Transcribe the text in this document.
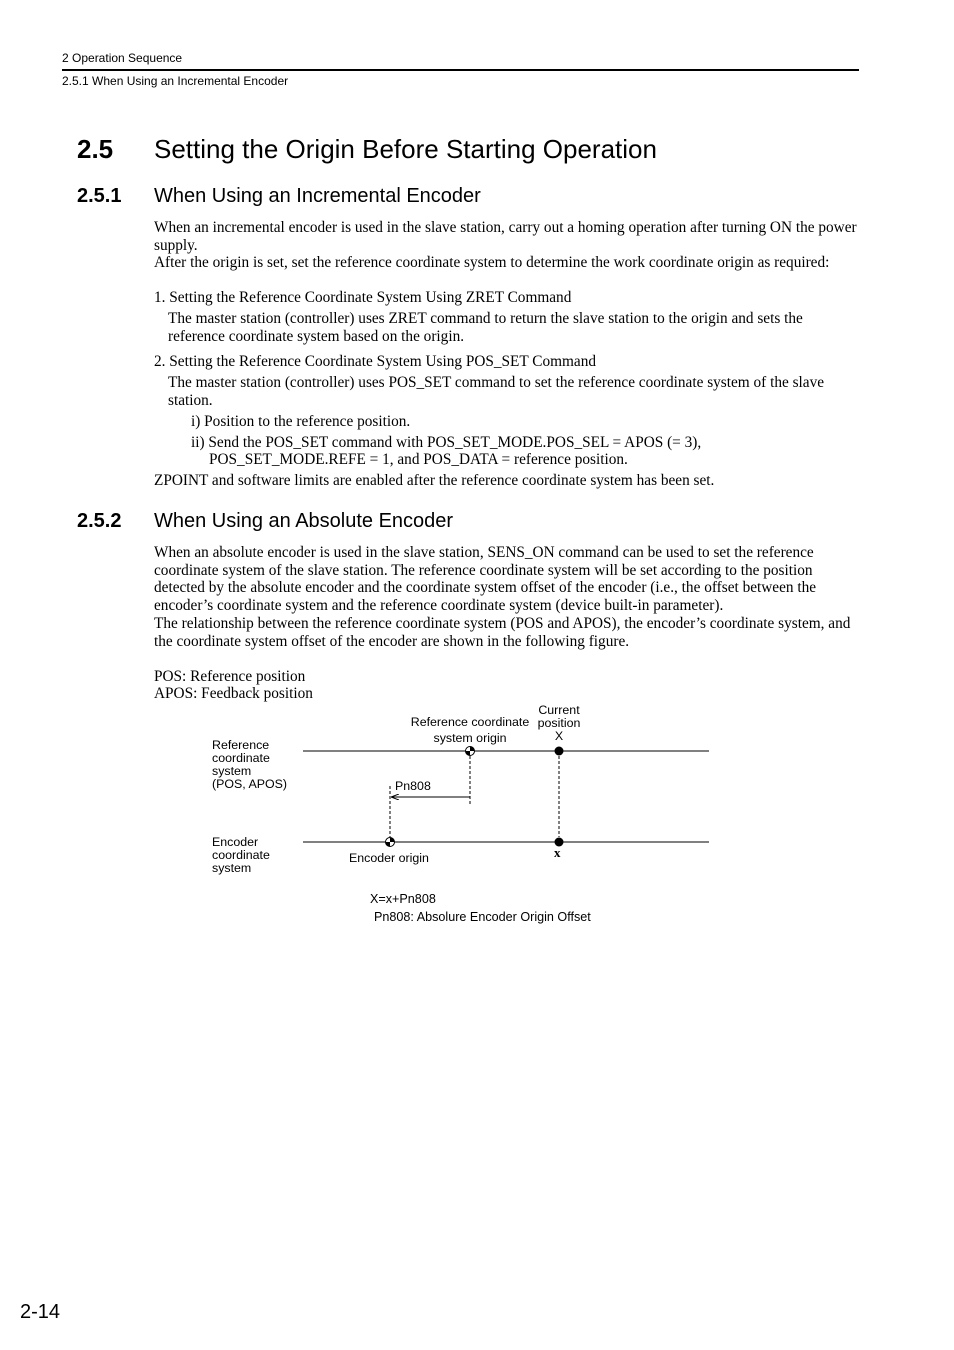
2 Operation Sequence
2.5.1 When Using an Incremental Encoder
2.5 Setting the Origin Before Starting Operation
2.5.1 When Using an Incremental Encoder

When an incremental encoder is used in the slave station, carry out a homing operation after turning ON the power supply.

After the origin is set, set the reference coordinate system to determine the work coordinate origin as required:

1. Setting the Reference Coordinate System Using ZRET Command
The master station (controller) uses ZRET command to return the slave station to the origin and sets the reference coordinate system based on the origin.
2. Setting the Reference Coordinate System Using POS_SET Command
The master station (controller) uses POS_SET command to set the reference coordinate system of the slave station.
i) Position to the reference position.
ii) Send the POS_SET command with POS_SET_MODE.POS_SEL = APOS (= 3),
POS_SET_MODE.REFE = 1, and POS_DATA = reference position.
ZPOINT and software limits are enabled after the reference coordinate system has been set.
2.5.2 When Using an Absolute Encoder

When an absolute encoder is used in the slave station, SENS_ON command can be used to set the reference coordinate system of the slave station. The reference coordinate system will be set according to the position detected by the absolute encoder and the coordinate system offset of the encoder (i.e., the offset between the encoder’s coordinate system and the reference coordinate system (device built-in parameter).

The relationship between the reference coordinate system (POS and APOS), the encoder’s coordinate system, and the coordinate system offset of the encoder are shown in the following figure.

POS: Reference position
APOS: Feedback position
Reference
coordinate
system
(POS, APOS)
Encoder
coordinate
system
Reference coordinate
system origin
Current
position
X
Pn808
Encoder origin	x
X=x+Pn808
Pn808: Absolure Encoder Origin Offset
2-14
